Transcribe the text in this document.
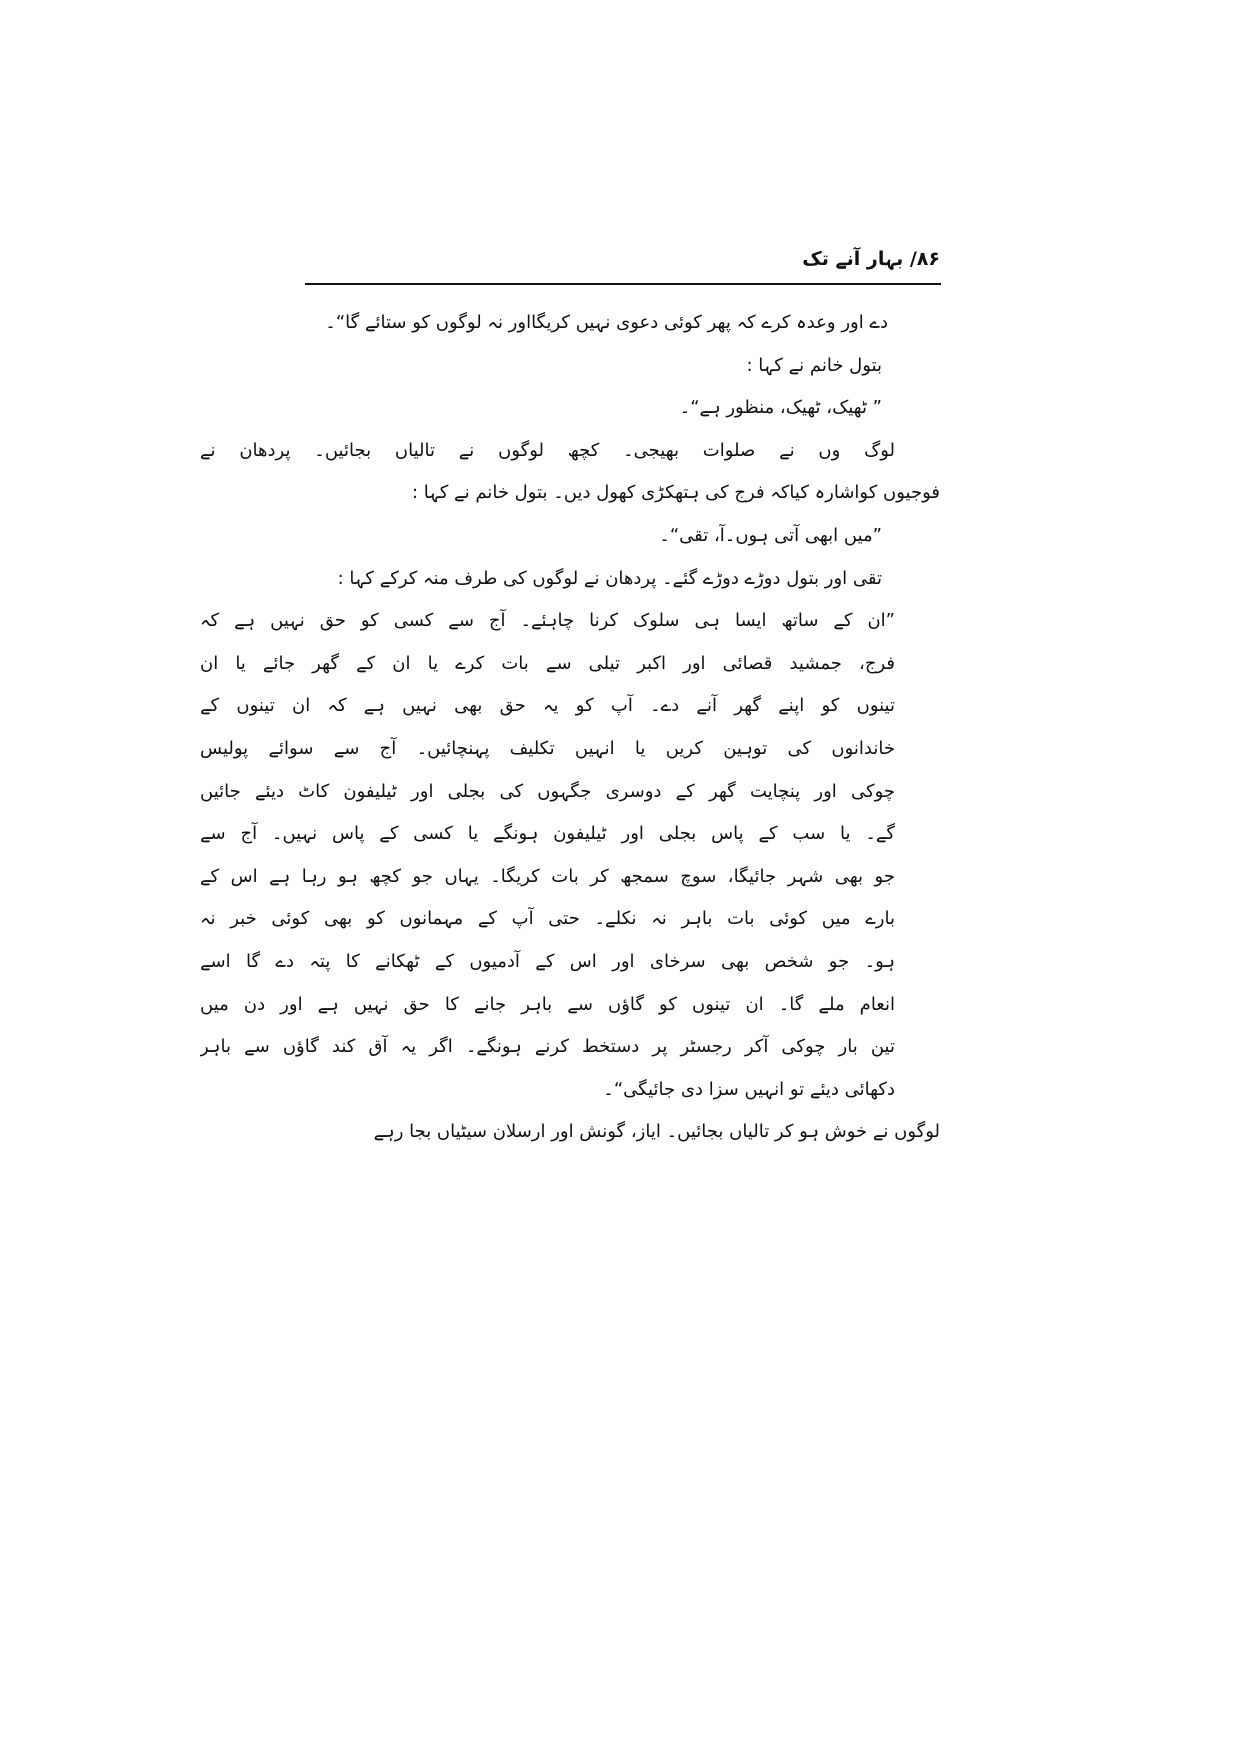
۸۶/ بہار آنے تک
دے اور وعدہ کرے کہ پھر کوئی دعوی نہیں کریگااور نہ لوگوں کو ستائے گا“۔
بتول خانم نے کہا :
” ٹھیک، ٹھیک، منظور ہے“۔
لوگ وں نے صلوات بھیجی۔ کچھ لوگوں نے تالیاں بجائیں۔ پردھان نے
فوجیوں کواشارہ کیاکہ فرج کی ہتھکڑی کھول دیں۔ بتول خانم نے کہا :
”میں ابھی آتی ہوں۔آ، تقی“۔
تقی اور بتول دوڑے دوڑے گئے۔ پردھان نے لوگوں کی طرف منہ کرکے کہا :
”ان کے ساتھ ایسا ہی سلوک کرنا چاہئے۔ آج سے کسی کو حق نہیں ہے کہ
فرج، جمشید قصائی اور اکبر تیلی سے بات کرے یا ان کے گھر جائے یا ان
تینوں کو اپنے گھر آنے دے۔ آپ کو یہ حق بھی نہیں ہے کہ ان تینوں کے
خاندانوں کی توہین کریں یا انہیں تکلیف پہنچائیں۔ آج سے سوائے پولیس
چوکی اور پنچایت گھر کے دوسری جگہوں کی بجلی اور ٹیلیفون کاٹ دیئے جائیں
گے۔ یا سب کے پاس بجلی اور ٹیلیفون ہونگے یا کسی کے پاس نہیں۔ آج سے
جو بھی شہر جائیگا، سوچ سمجھ کر بات کریگا۔ یہاں جو کچھ ہو رہا ہے اس کے
بارے میں کوئی بات باہر نہ نکلے۔ حتی آپ کے مہمانوں کو بھی کوئی خبر نہ
ہو۔ جو شخص بھی سرخای اور اس کے آدمیوں کے ٹھکانے کا پتہ دے گا اسے
انعام ملے گا۔ ان تینوں کو گاؤں سے باہر جانے کا حق نہیں ہے اور دن میں
تین بار چوکی آکر رجسٹر پر دستخط کرنے ہونگے۔ اگر یہ آق کند گاؤں سے باہر
دکھائی دیئے تو انہیں سزا دی جائیگی“۔
لوگوں نے خوش ہو کر تالیاں بجائیں۔ ایاز، گونش اور ارسلان سیٹیاں بجا رہے
